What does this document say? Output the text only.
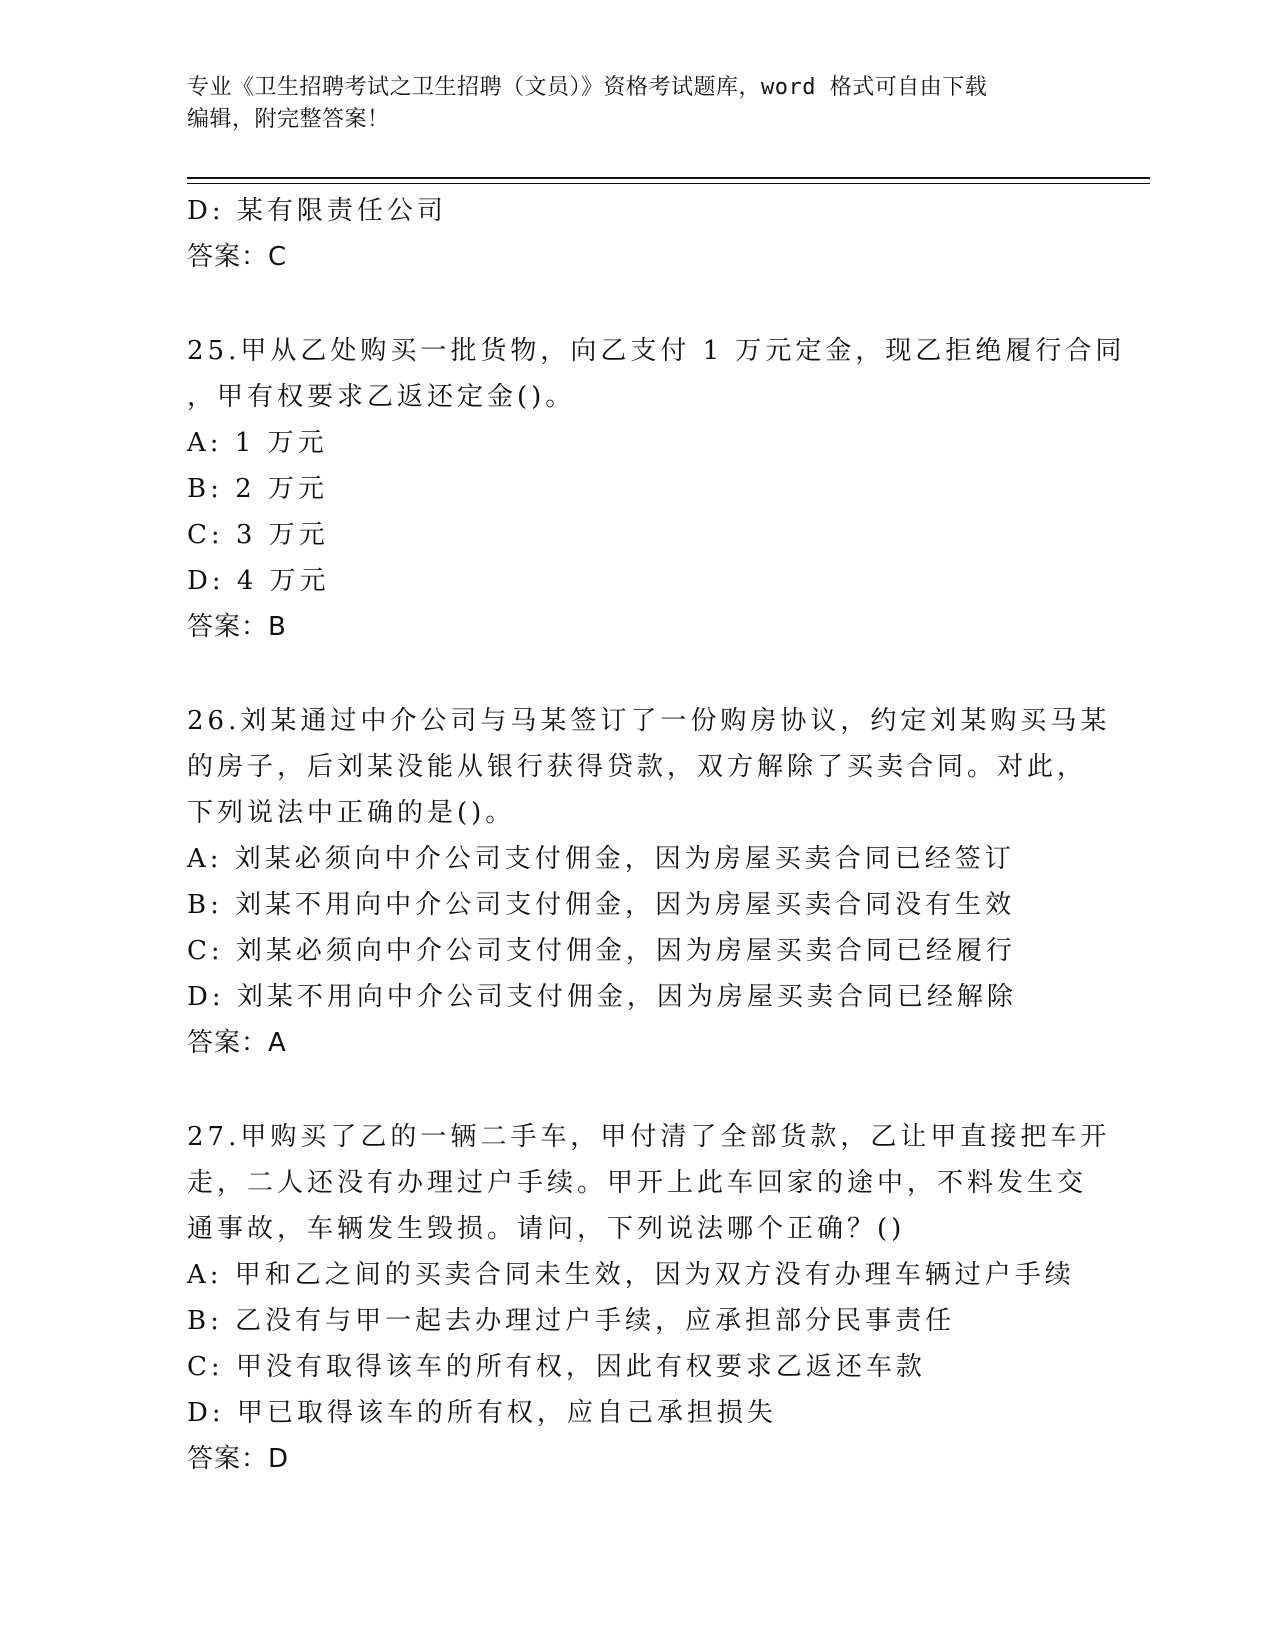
专业《卫生招聘考试之卫生招聘（文员）》资格考试题库，word 格式可自由下载
编辑，附完整答案！
D: 某有限责任公司
答案：C
25.甲从乙处购买一批货物，向乙支付 1 万元定金，现乙拒绝履行合同
，甲有权要求乙返还定金()。
A: 1 万元
B: 2 万元
C: 3 万元
D: 4 万元
答案：B
26.刘某通过中介公司与马某签订了一份购房协议，约定刘某购买马某
的房子，后刘某没能从银行获得贷款，双方解除了买卖合同。对此，
下列说法中正确的是()。
A: 刘某必须向中介公司支付佣金，因为房屋买卖合同已经签订
B: 刘某不用向中介公司支付佣金，因为房屋买卖合同没有生效
C: 刘某必须向中介公司支付佣金，因为房屋买卖合同已经履行
D: 刘某不用向中介公司支付佣金，因为房屋买卖合同已经解除
答案：A
27.甲购买了乙的一辆二手车，甲付清了全部货款，乙让甲直接把车开
走，二人还没有办理过户手续。甲开上此车回家的途中，不料发生交
通事故，车辆发生毁损。请问，下列说法哪个正确？()
A: 甲和乙之间的买卖合同未生效，因为双方没有办理车辆过户手续
B: 乙没有与甲一起去办理过户手续，应承担部分民事责任
C: 甲没有取得该车的所有权，因此有权要求乙返还车款
D: 甲已取得该车的所有权，应自己承担损失
答案：D
